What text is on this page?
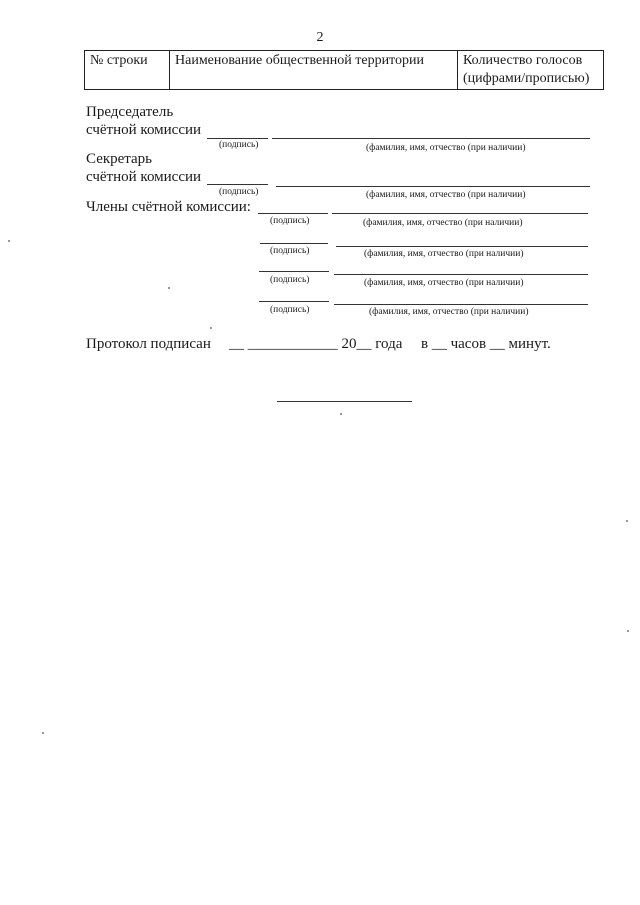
2
№ строки	Наименование общественной территории	Количество голосов
(цифрами/прописью)
Председатель
счётной комиссии
(подпись)	(фамилия, имя, отчество (при наличии)
Секретарь
счётной комиссии
(подпись)	(фамилия, имя, отчество (при наличии)
Члены счётной комиссии:
(подпись)	(фамилия, имя, отчество (при наличии)
(подпись)	(фамилия, имя, отчество (при наличии)
(подпись)	(фамилия, имя, отчество (при наличии)
(подпись)	(фамилия, имя, отчество (при наличии)
Протокол подписан __ ____________ 20__ года в __ часов __ минут.
